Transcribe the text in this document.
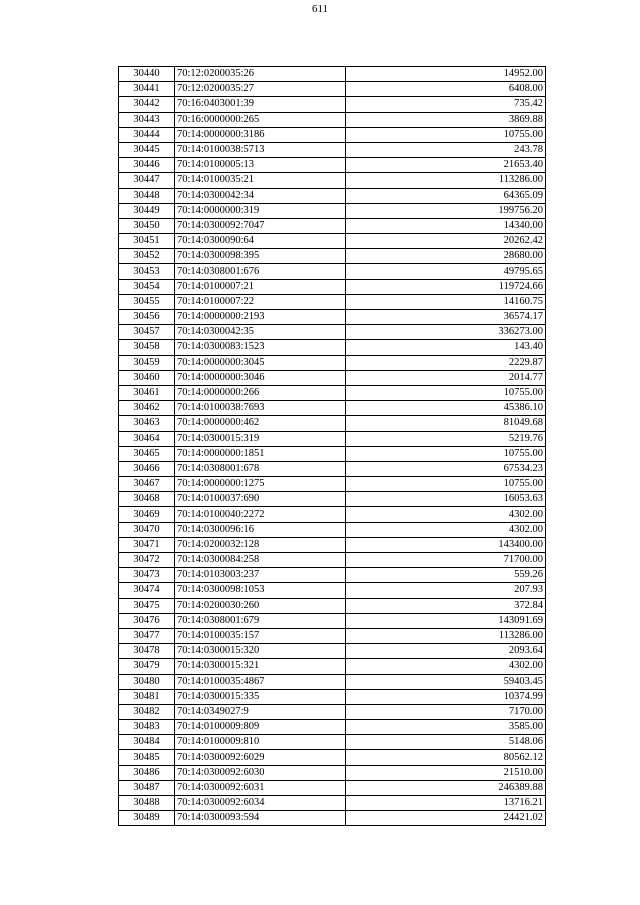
611
30440	70:12:0200035:26	14952.00
30441	70:12:0200035:27	6408.00
30442	70:16:0403001:39	735.42
30443	70:16:0000000:265	3869.88
30444	70:14:0000000:3186	10755.00
30445	70:14:0100038:5713	243.78
30446	70:14:0100005:13	21653.40
30447	70:14:0100035:21	113286.00
30448	70:14:0300042:34	64365.09
30449	70:14:0000000:319	199756.20
30450	70:14:0300092:7047	14340.00
30451	70:14:0300090:64	20262.42
30452	70:14:0300098:395	28680.00
30453	70:14:0308001:676	49795.65
30454	70:14:0100007:21	119724.66
30455	70:14:0100007:22	14160.75
30456	70:14:0000000:2193	36574.17
30457	70:14:0300042:35	336273.00
30458	70:14:0300083:1523	143.40
30459	70:14:0000000:3045	2229.87
30460	70:14:0000000:3046	2014.77
30461	70:14:0000000:266	10755.00
30462	70:14:0100038:7693	45386.10
30463	70:14:0000000:462	81049.68
30464	70:14:0300015:319	5219.76
30465	70:14:0000000:1851	10755.00
30466	70:14:0308001:678	67534.23
30467	70:14:0000000:1275	10755.00
30468	70:14:0100037:690	16053.63
30469	70:14:0100040:2272	4302.00
30470	70:14:0300096:16	4302.00
30471	70:14:0200032:128	143400.00
30472	70:14:0300084:258	71700.00
30473	70:14:0103003:237	559.26
30474	70:14:0300098:1053	207.93
30475	70:14:0200030:260	372.84
30476	70:14:0308001:679	143091.69
30477	70:14:0100035:157	113286.00
30478	70:14:0300015:320	2093.64
30479	70:14:0300015:321	4302.00
30480	70:14:0100035:4867	59403.45
30481	70:14:0300015:335	10374.99
30482	70:14:0349027:9	7170.00
30483	70:14:0100009:809	3585.00
30484	70:14:0100009:810	5148.06
30485	70:14:0300092:6029	80562.12
30486	70:14:0300092:6030	21510.00
30487	70:14:0300092:6031	246389.88
30488	70:14:0300092:6034	13716.21
30489	70:14:0300093:594	24421.02
